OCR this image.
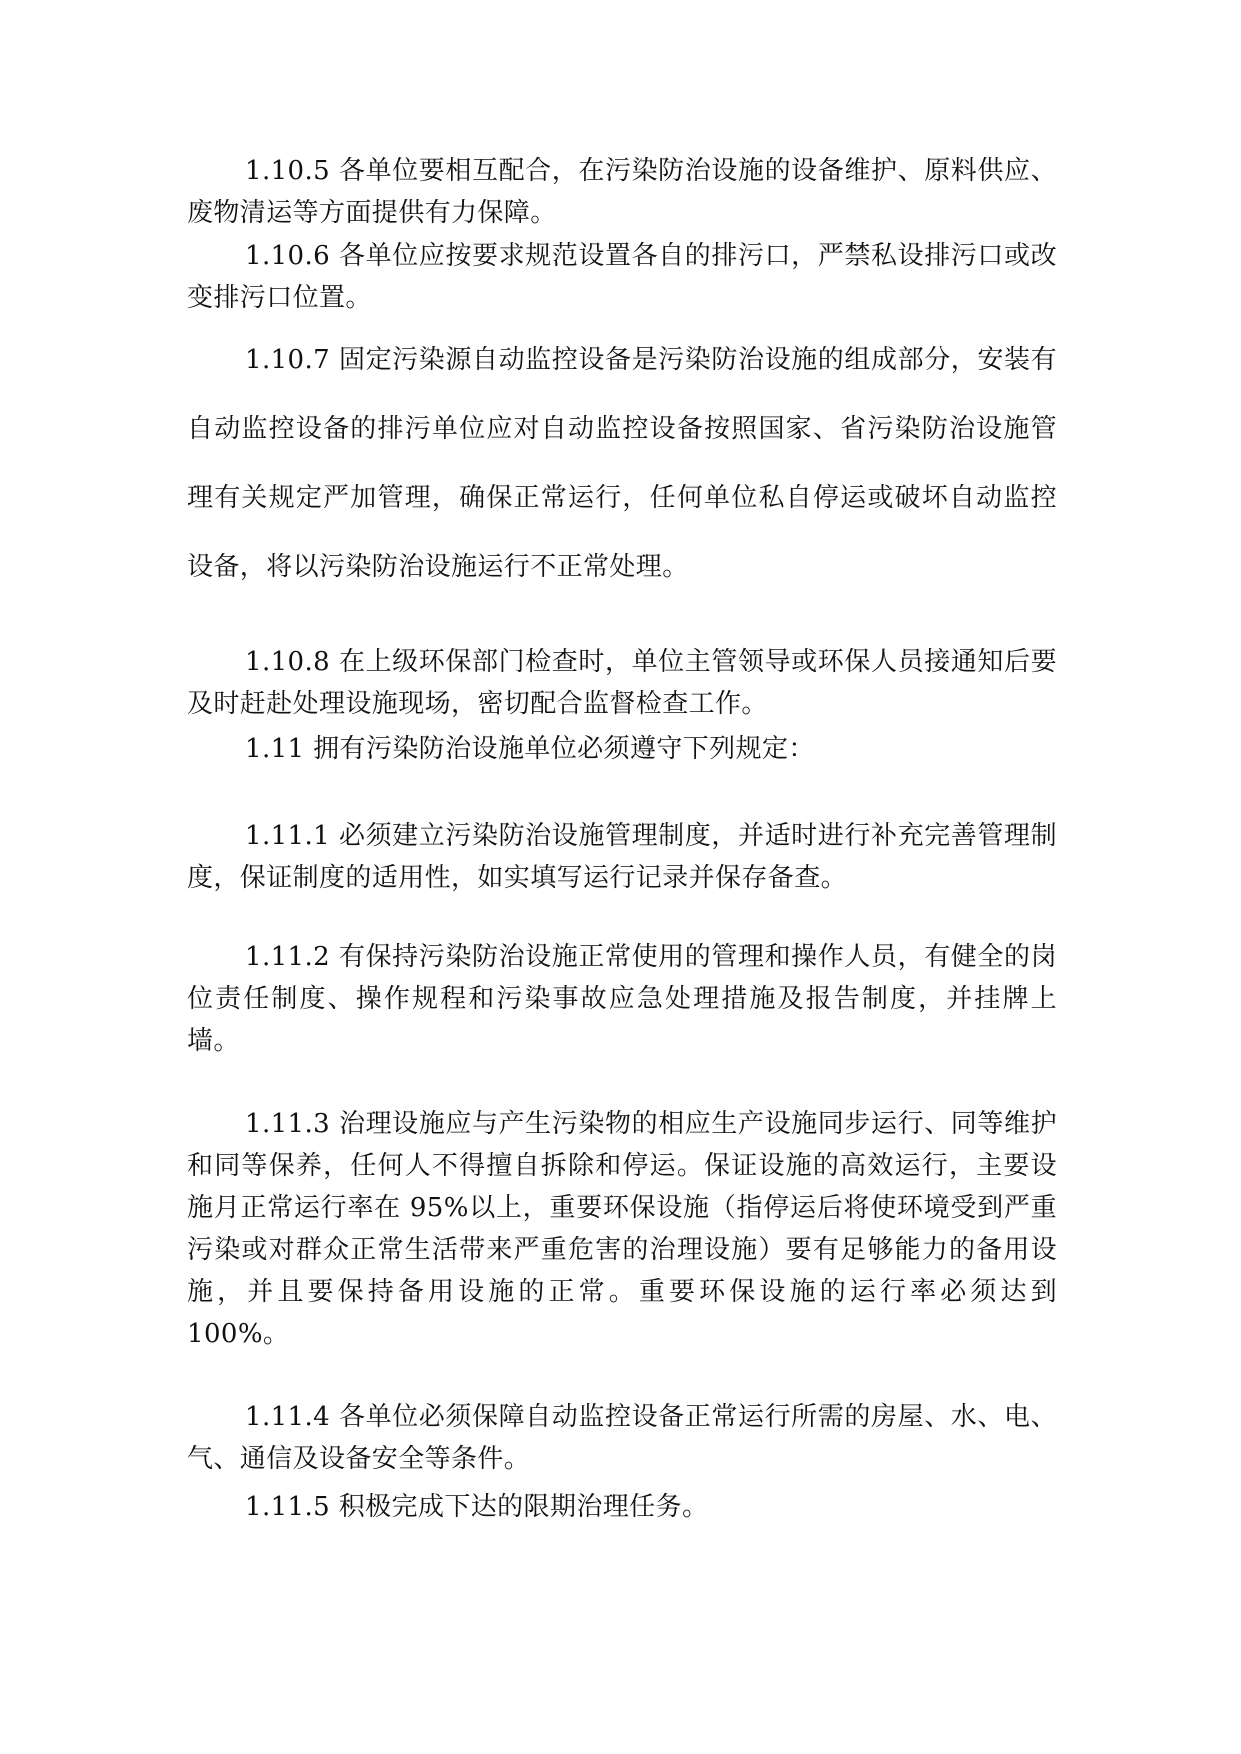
1.10.5 各单位要相互配合，在污染防治设施的设备维护、原料供应、废物清运等方面提供有力保障。

1.10.6 各单位应按要求规范设置各自的排污口，严禁私设排污口或改变排污口位置。

1.10.7 固定污染源自动监控设备是污染防治设施的组成部分，安装有自动监控设备的排污单位应对自动监控设备按照国家、省污染防治设施管理有关规定严加管理，确保正常运行，任何单位私自停运或破坏自动监控设备，将以污染防治设施运行不正常处理。

1.10.8 在上级环保部门检查时，单位主管领导或环保人员接通知后要及时赶赴处理设施现场，密切配合监督检查工作。

1.11 拥有污染防治设施单位必须遵守下列规定：

1.11.1 必须建立污染防治设施管理制度，并适时进行补充完善管理制度，保证制度的适用性，如实填写运行记录并保存备查。

1.11.2 有保持污染防治设施正常使用的管理和操作人员，有健全的岗位责任制度、操作规程和污染事故应急处理措施及报告制度，并挂牌上墙。

1.11.3 治理设施应与产生污染物的相应生产设施同步运行、同等维护和同等保养，任何人不得擅自拆除和停运。保证设施的高效运行，主要设施月正常运行率在 95%以上，重要环保设施（指停运后将使环境受到严重污染或对群众正常生活带来严重危害的治理设施）要有足够能力的备用设施，并且要保持备用设施的正常。重要环保设施的运行率必须达到 100%。

1.11.4 各单位必须保障自动监控设备正常运行所需的房屋、水、电、气、通信及设备安全等条件。

1.11.5 积极完成下达的限期治理任务。
